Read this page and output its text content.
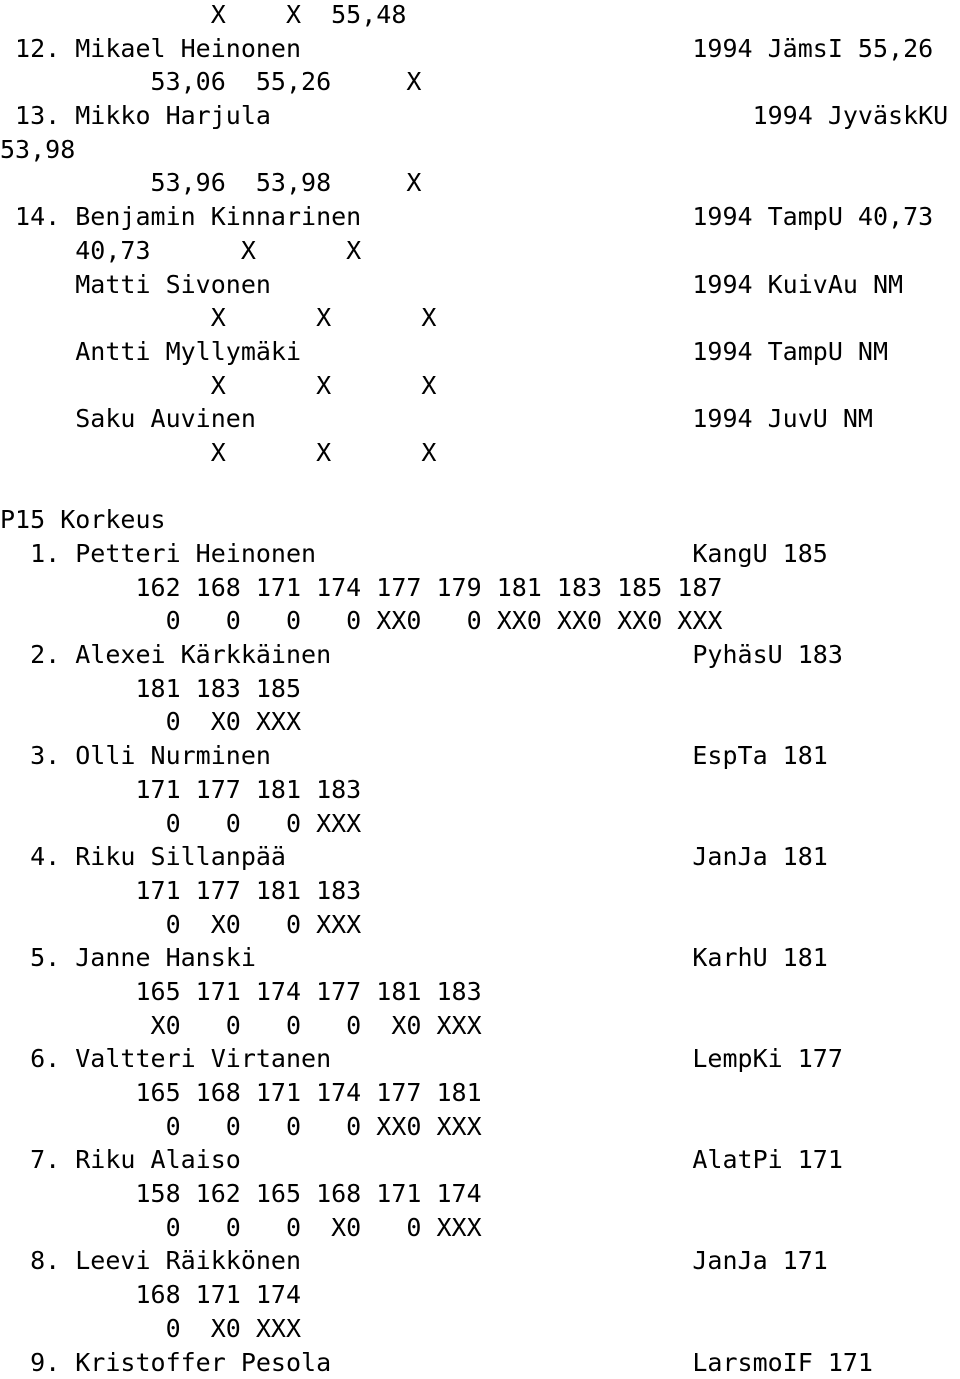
X    X  55,48
12. Mikael Heinonen                          1994 JämsI 55,26
53,06  55,26     X
13. Mikko Harjula                                1994 JyväskKU
53,98
53,96  53,98     X
14. Benjamin Kinnarinen                      1994 TampU 40,73
40,73      X      X
Matti Sivonen                            1994 KuivAu NM
X      X      X
Antti Myllymäki                          1994 TampU NM
X      X      X
Saku Auvinen                             1994 JuvU NM
X      X      X
P15 Korkeus
1. Petteri Heinonen                         KangU 185
162 168 171 174 177 179 181 183 185 187
0   0   0   0 XX0   0 XX0 XX0 XX0 XXX
2. Alexei Kärkkäinen                        PyhäsU 183
181 183 185
0  X0 XXX
3. Olli Nurminen                            EspTa 181
171 177 181 183
0   0   0 XXX
4. Riku Sillanpää                           JanJa 181
171 177 181 183
0  X0   0 XXX
5. Janne Hanski                             KarhU 181
165 171 174 177 181 183
X0   0   0   0  X0 XXX
6. Valtteri Virtanen                        LempKi 177
165 168 171 174 177 181
0   0   0   0 XX0 XXX
7. Riku Alaiso                              AlatPi 171
158 162 165 168 171 174
0   0   0  X0   0 XXX
8. Leevi Räikkönen                          JanJa 171
168 171 174
0  X0 XXX
9. Kristoffer Pesola                        LarsmoIF 171
